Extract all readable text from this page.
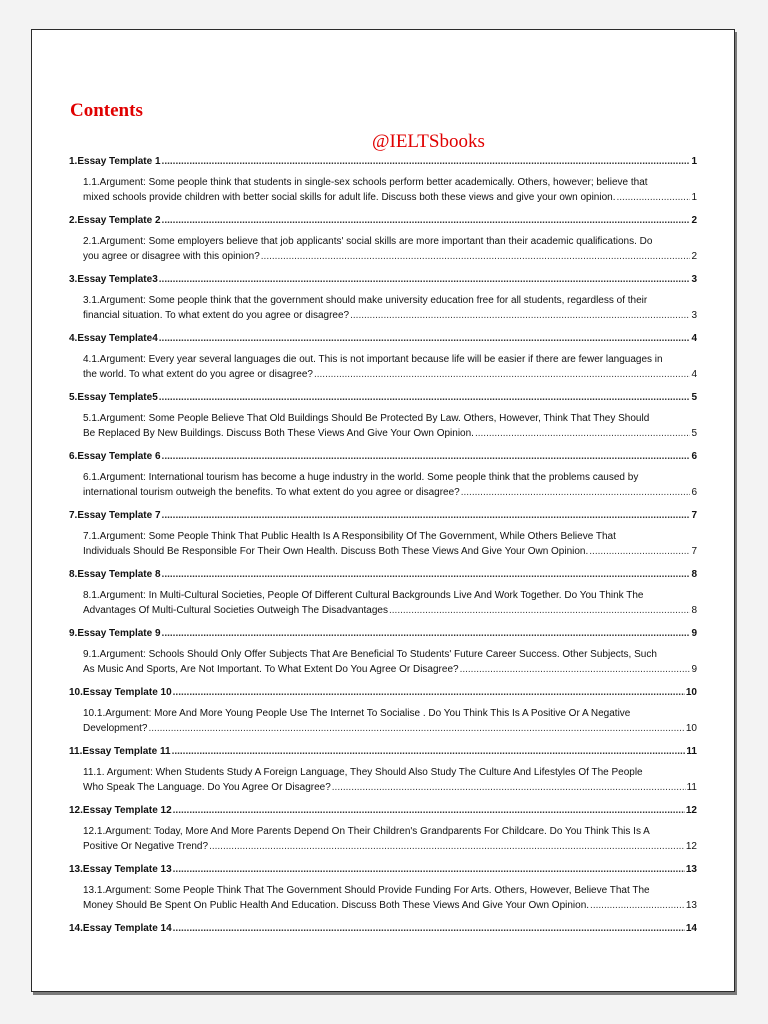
Contents
@IELTSbooks
1.Essay Template 1 .....	1
1.1.Argument: Some people think that students in single-sex schools perform better academically. Others, however; believe that
mixed schools provide children with better social skills for adult life. Discuss both these views and give your own opinion. .....	1
2.Essay Template 2 .....	2
2.1.Argument: Some employers believe that job applicants' social skills are more important than their academic qualifications. Do
you agree or disagree with this opinion? .....	2
3.Essay Template3 .....	3
3.1.Argument: Some people think that the government should make university education free for all students, regardless of their
financial situation. To what extent do you agree or disagree? .....	3
4.Essay Template4 .....	4
4.1.Argument: Every year several languages die out. This is not important because life will be easier if there are fewer languages in
the world. To what extent do you agree or disagree? .....	4
5.Essay Template5 .....	5
5.1.Argument: Some People Believe That Old Buildings Should Be Protected By Law. Others, However, Think That They Should
Be Replaced By New Buildings. Discuss Both These Views And Give Your Own Opinion. .....	5
6.Essay Template 6 .....	6
6.1.Argument: International tourism has become a huge industry in the world. Some people think that the problems caused by
international tourism outweigh the benefits. To what extent do you agree or disagree? .....	6
7.Essay Template 7 .....	7
7.1.Argument: Some People Think That Public Health Is A Responsibility Of The Government, While Others Believe That
Individuals Should Be Responsible For Their Own Health. Discuss Both These Views And Give Your Own Opinion. .....	7
8.Essay Template 8 .....	8
8.1.Argument: In Multi-Cultural Societies, People Of Different Cultural Backgrounds Live And Work Together. Do You Think The
Advantages Of Multi-Cultural Societies Outweigh The Disadvantages .....	8
9.Essay Template 9 .....	9
9.1.Argument: Schools Should Only Offer Subjects That Are Beneficial To Students' Future Career Success. Other Subjects, Such
As Music And Sports, Are Not Important. To What Extent Do You Agree Or Disagree? .....	9
10.Essay Template 10 .....	10
10.1.Argument: More And More Young People Use The Internet To Socialise . Do You Think This Is A Positive Or A Negative
Development? .....	10
11.Essay Template 11 .....	11
11.1. Argument: When Students Study A Foreign Language, They Should Also Study The Culture And Lifestyles Of The People
Who Speak The Language. Do You Agree Or Disagree? .....	11
12.Essay Template 12 .....	12
12.1.Argument: Today, More And More Parents Depend On Their Children's Grandparents For Childcare. Do You Think This Is A
Positive Or Negative Trend? .....	12
13.Essay Template 13 .....	13
13.1.Argument: Some People Think That The Government Should Provide Funding For Arts. Others, However, Believe That The
Money Should Be Spent On Public Health And Education. Discuss Both These Views And Give Your Own Opinion. .....	13
14.Essay Template 14 .....	14
